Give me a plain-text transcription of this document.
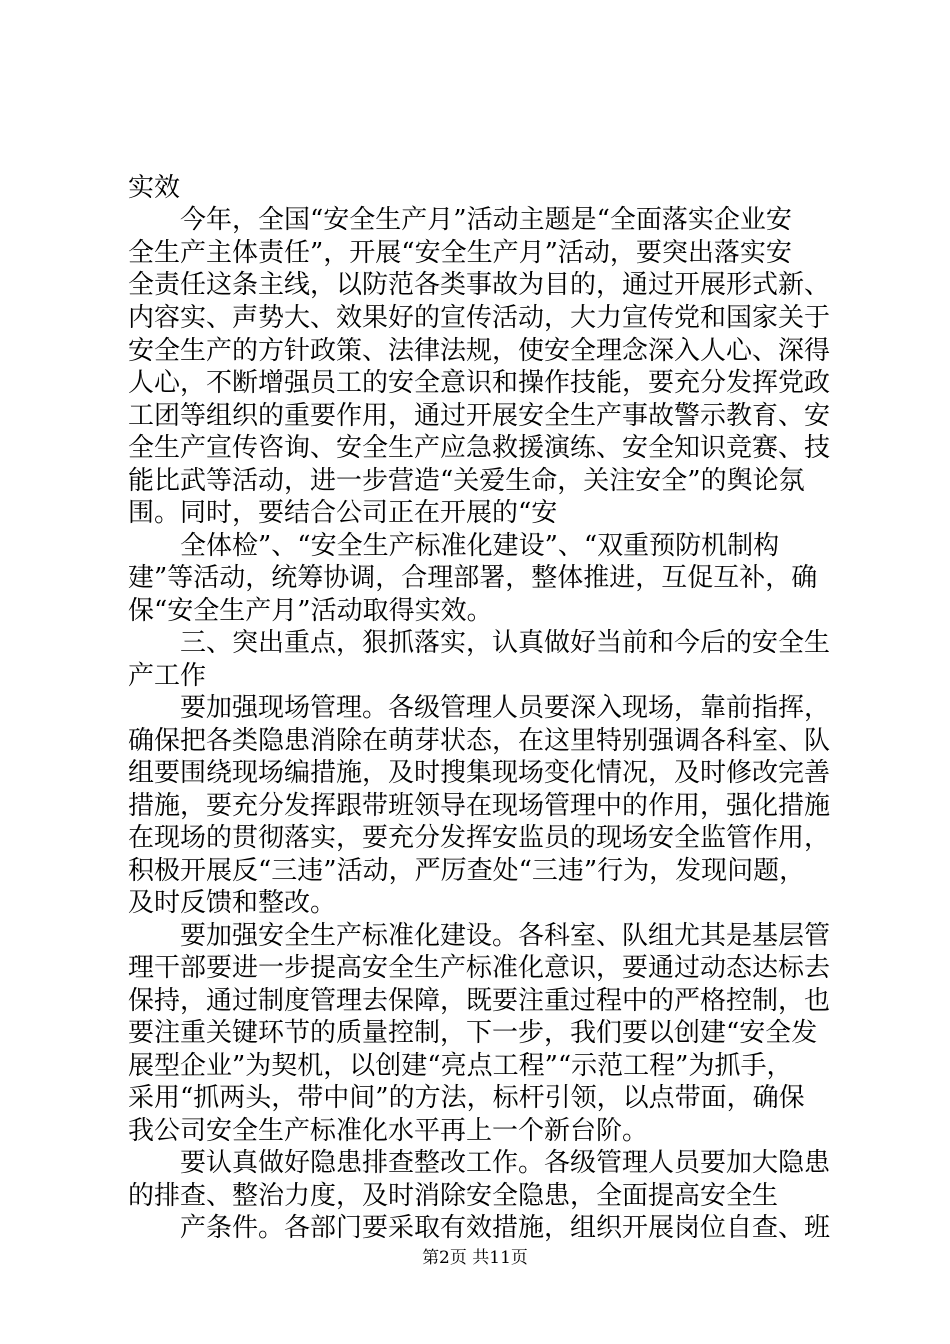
实效
今年，全国“安全生产月”活动主题是“全面落实企业安
全生产主体责任”，开展“安全生产月”活动，要突出落实安
全责任这条主线，以防范各类事故为目的，通过开展形式新、
内容实、声势大、效果好的宣传活动，大力宣传党和国家关于
安全生产的方针政策、法律法规，使安全理念深入人心、深得
人心，不断增强员工的安全意识和操作技能，要充分发挥党政
工团等组织的重要作用，通过开展安全生产事故警示教育、安
全生产宣传咨询、安全生产应急救援演练、安全知识竞赛、技
能比武等活动，进一步营造“关爱生命，关注安全”的舆论氛
围。同时，要结合公司正在开展的“安
全体检”、“安全生产标准化建设”、“双重预防机制构
建”等活动，统筹协调，合理部署，整体推进，互促互补，确
保“安全生产月”活动取得实效。
三、突出重点，狠抓落实，认真做好当前和今后的安全生
产工作
要加强现场管理。各级管理人员要深入现场，靠前指挥，
确保把各类隐患消除在萌芽状态，在这里特别强调各科室、队
组要围绕现场编措施，及时搜集现场变化情况，及时修改完善
措施，要充分发挥跟带班领导在现场管理中的作用，强化措施
在现场的贯彻落实，要充分发挥安监员的现场安全监管作用，
积极开展反“三违”活动，严厉查处“三违”行为，发现问题，
及时反馈和整改。
要加强安全生产标准化建设。各科室、队组尤其是基层管
理干部要进一步提高安全生产标准化意识，要通过动态达标去
保持，通过制度管理去保障，既要注重过程中的严格控制，也
要注重关键环节的质量控制，下一步，我们要以创建“安全发
展型企业”为契机，以创建“亮点工程”“示范工程”为抓手，
采用“抓两头，带中间”的方法，标杆引领，以点带面，确保
我公司安全生产标准化水平再上一个新台阶。
要认真做好隐患排查整改工作。各级管理人员要加大隐患
的排查、整治力度，及时消除安全隐患，全面提高安全生
产条件。各部门要采取有效措施，组织开展岗位自查、班
第2页 共11页
